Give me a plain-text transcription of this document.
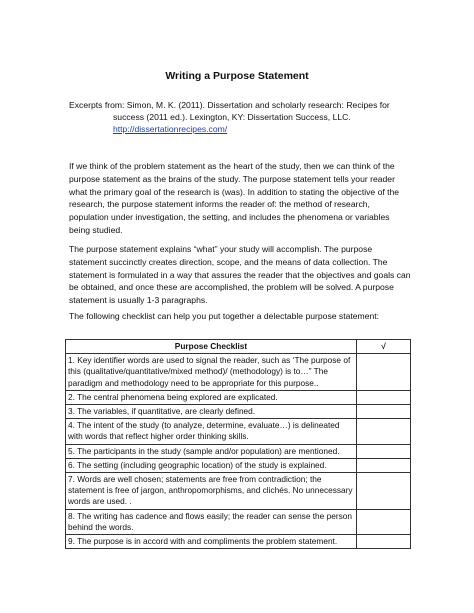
Writing a Purpose Statement
Excerpts from: Simon, M. K. (2011). Dissertation and scholarly research: Recipes for
success (2011 ed.). Lexington, KY: Dissertation Success, LLC.
http://dissertationrecipes.com/
If we think of the problem statement as the heart of the study, then we can think of the purpose statement as the brains of the study. The purpose statement tells your reader what the primary goal of the research is (was). In addition to stating the objective of the research, the purpose statement informs the reader of: the method of research, population under investigation, the setting, and includes the phenomena or variables being studied.
The purpose statement explains “what” your study will accomplish. The purpose statement succinctly creates direction, scope, and the means of data collection. The statement is formulated in a way that assures the reader that the objectives and goals can be obtained, and once these are accomplished, the problem will be solved. A purpose statement is usually 1-3 paragraphs.
The following checklist can help you put together a delectable purpose statement:
Purpose Checklist	√
1. Key identifier words are used to signal the reader, such as ‘The purpose of this (qualitative/quantitative/mixed method)/ (methodology) is to…” The paradigm and methodology need to be appropriate for this purpose..	
2. The central phenomena being explored are explicated.	
3. The variables, if quantitative, are clearly defined.	
4. The intent of the study (to analyze, determine, evaluate…) is delineated with words that reflect higher order thinking skills.	
5. The participants in the study (sample and/or population) are mentioned.	
6. The setting (including geographic location) of the study is explained.	
7. Words are well chosen; statements are free from contradiction; the statement is free of jargon, anthropomorphisms, and clichés. No unnecessary words are used. .	
8. The writing has cadence and flows easily; the reader can sense the person behind the words.	
9. The purpose is in accord with and compliments the problem statement.	
